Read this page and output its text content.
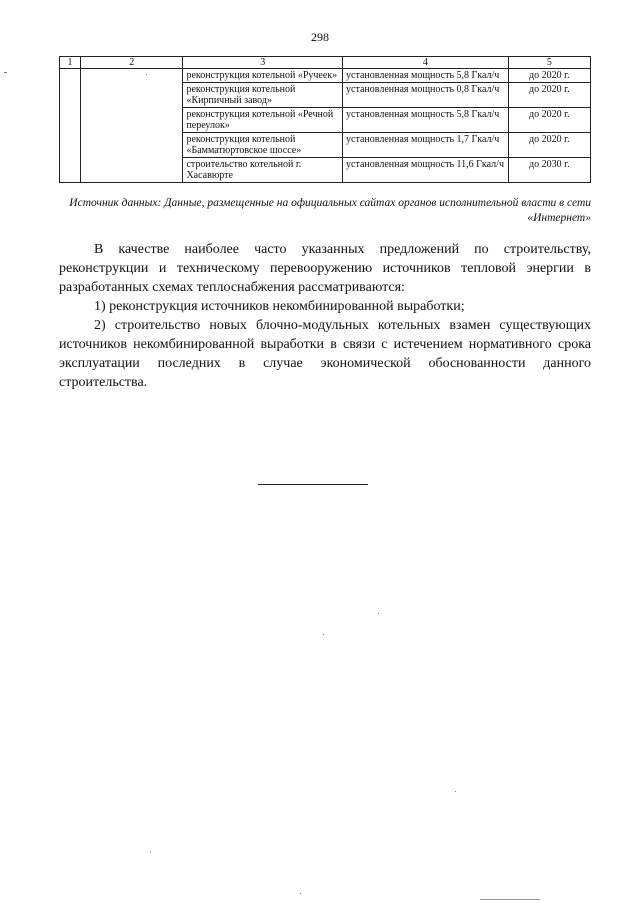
298
1	2	3	4	5
		реконструкция котельной «Ручеек»	установленная мощность 5,8 Гкал/ч	до 2020 г.
		реконструкция котельной «Кирпичный завод»	установленная мощность 0,8 Гкал/ч	до 2020 г.
		реконструкция котельной «Речной переулок»	установленная мощность 5,8 Гкал/ч	до 2020 г.
		реконструкция котельной «Бамматюртовское шоссе»	установленная мощность 1,7 Гкал/ч	до 2020 г.
		строительство котельной г. Хасавюрте	установленная мощность 11,6 Гкал/ч	до 2030 г.
Источник данных: Данные, размещенные на официальных сайтах органов исполнительной власти в сети «Интернет»

В качестве наиболее часто указанных предложений по строительству, реконструкции и техническому перевооружению источников тепловой энергии в разработанных схемах теплоснабжения рассматриваются:

1) реконструкция источников некомбинированной выработки;

2) строительство новых блочно-модульных котельных взамен существующих источников некомбинированной выработки в связи с истечением нормативного срока эксплуатации последних в случае экономической обоснованности данного строительства.
